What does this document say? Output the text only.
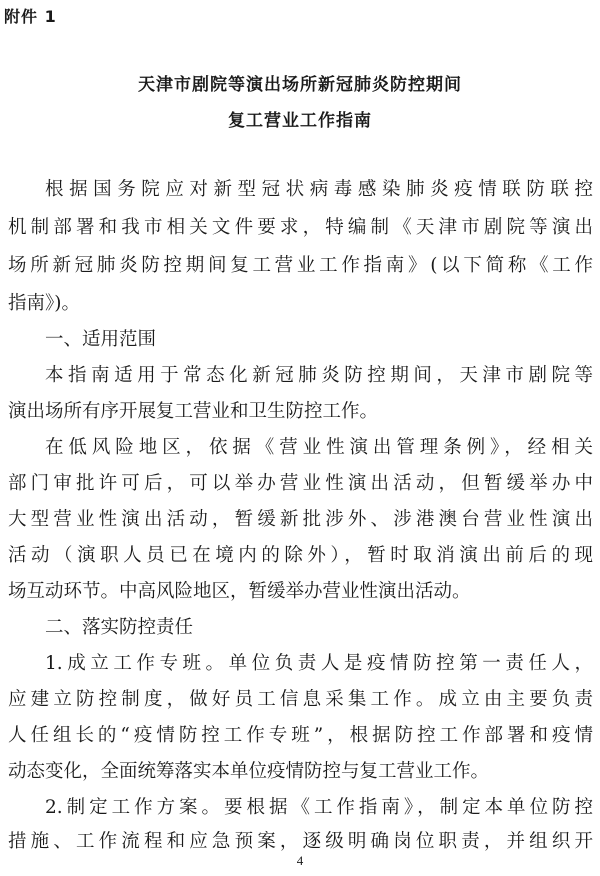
附件 1
天津市剧院等演出场所新冠肺炎防控期间
复工营业工作指南
根据国务院应对新型冠状病毒感染肺炎疫情联防联控
机制部署和我市相关文件要求，特编制《天津市剧院等演出
场所新冠肺炎防控期间复工营业工作指南》(以下简称《工作
指南》)。
一、适用范围
本指南适用于常态化新冠肺炎防控期间，天津市剧院等
演出场所有序开展复工营业和卫生防控工作。
在低风险地区，依据《营业性演出管理条例》，经相关
部门审批许可后，可以举办营业性演出活动，但暂缓举办中
大型营业性演出活动，暂缓新批涉外、涉港澳台营业性演出
活动（演职人员已在境内的除外），暂时取消演出前后的现
场互动环节。中高风险地区，暂缓举办营业性演出活动。
二、落实防控责任
1.成立工作专班。单位负责人是疫情防控第一责任人，
应建立防控制度，做好员工信息采集工作。成立由主要负责
人任组长的“疫情防控工作专班”，根据防控工作部署和疫情
动态变化，全面统筹落实本单位疫情防控与复工营业工作。
2.制定工作方案。要根据《工作指南》，制定本单位防控
措施、工作流程和应急预案，逐级明确岗位职责，并组织开
4
